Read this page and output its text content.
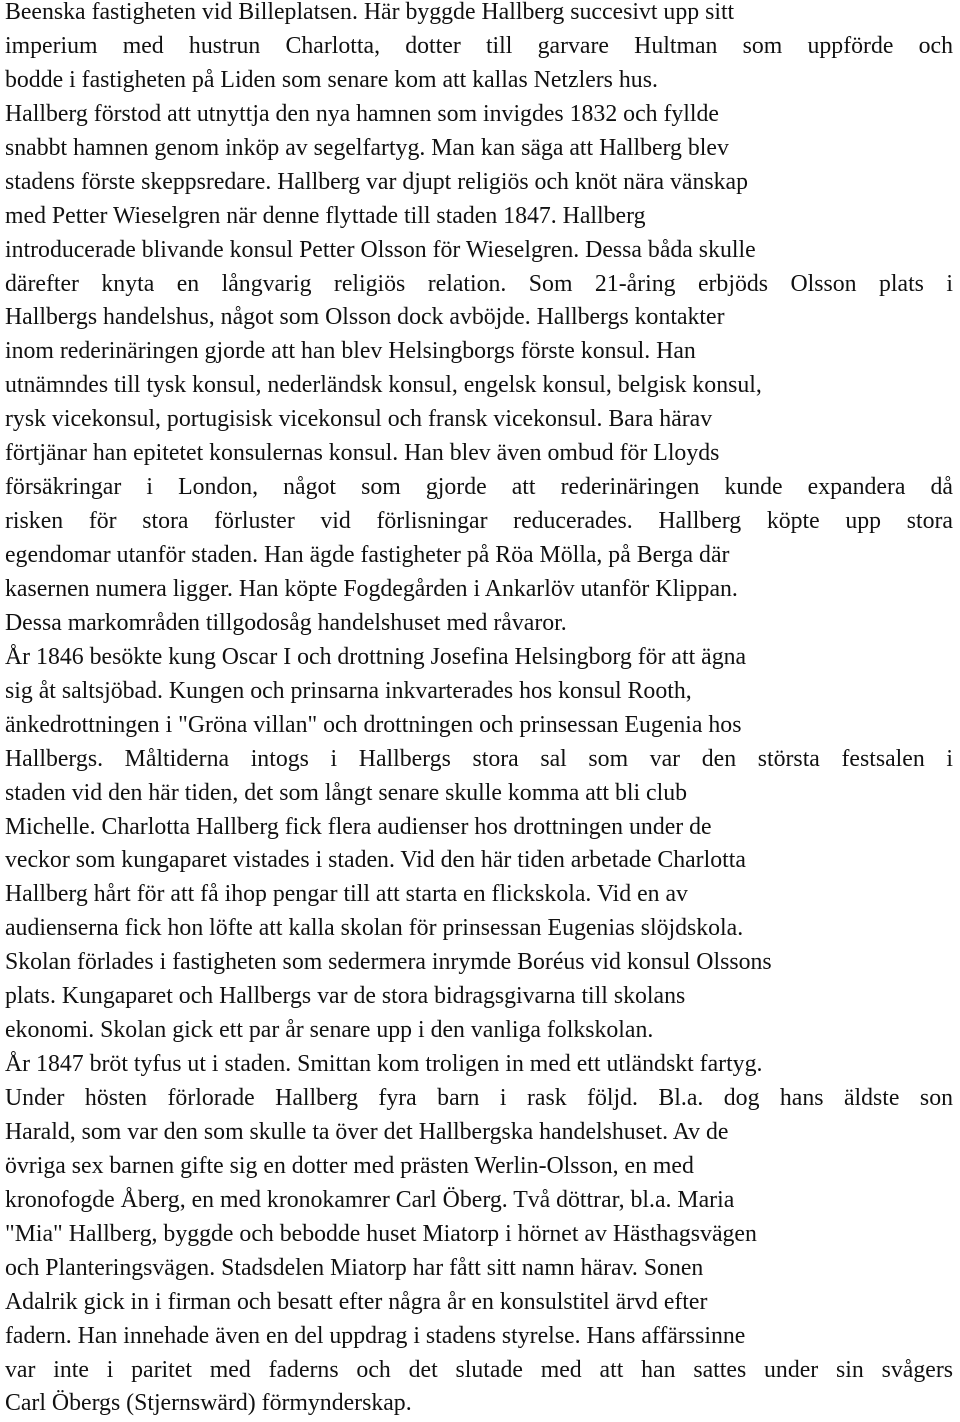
Beenska fastigheten vid Billeplatsen. Här byggde Hallberg succesivt upp sitt
imperium med hustrun Charlotta, dotter till garvare Hultman som uppförde och
bodde i fastigheten på Liden som senare kom att kallas Netzlers hus.
Hallberg förstod att utnyttja den nya hamnen som invigdes 1832 och fyllde
snabbt hamnen genom inköp av segelfartyg. Man kan säga att Hallberg blev
stadens förste skeppsredare. Hallberg var djupt religiös och knöt nära vänskap
med Petter Wieselgren när denne flyttade till staden 1847. Hallberg
introducerade blivande konsul Petter Olsson för Wieselgren. Dessa båda skulle
därefter knyta en långvarig religiös relation. Som 21-åring erbjöds Olsson plats i
Hallbergs handelshus, något som Olsson dock avböjde. Hallbergs kontakter
inom rederinäringen gjorde att han blev Helsingborgs förste konsul. Han
utnämndes till tysk konsul, nederländsk konsul, engelsk konsul, belgisk konsul,
rysk vicekonsul, portugisisk vicekonsul och fransk vicekonsul. Bara härav
förtjänar han epitetet konsulernas konsul. Han blev även ombud för Lloyds
försäkringar i London, något som gjorde att rederinäringen kunde expandera då
risken för stora förluster vid förlisningar reducerades. Hallberg köpte upp stora
egendomar utanför staden. Han ägde fastigheter på Röa Mölla, på Berga där
kasernen numera ligger. Han köpte Fogdegården i Ankarlöv utanför Klippan.
Dessa markområden tillgodosåg handelshuset med råvaror.
År 1846 besökte kung Oscar I och drottning Josefina Helsingborg för att ägna
sig åt saltsjöbad. Kungen och prinsarna inkvarterades hos konsul Rooth,
änkedrottningen i "Gröna villan" och drottningen och prinsessan Eugenia hos
Hallbergs. Måltiderna intogs i Hallbergs stora sal som var den största festsalen i
staden vid den här tiden, det som långt senare skulle komma att bli club
Michelle. Charlotta Hallberg fick flera audienser hos drottningen under de
veckor som kungaparet vistades i staden. Vid den här tiden arbetade Charlotta
Hallberg hårt för att få ihop pengar till att starta en flickskola. Vid en av
audienserna fick hon löfte att kalla skolan för prinsessan Eugenias slöjdskola.
Skolan förlades i fastigheten som sedermera inrymde Boréus vid konsul Olssons
plats. Kungaparet och Hallbergs var de stora bidragsgivarna till skolans
ekonomi. Skolan gick ett par år senare upp i den vanliga folkskolan.
År 1847 bröt tyfus ut i staden. Smittan kom troligen in med ett utländskt fartyg.
Under hösten förlorade Hallberg fyra barn i rask följd. Bl.a. dog hans äldste son
Harald, som var den som skulle ta över det Hallbergska handelshuset. Av de
övriga sex barnen gifte sig en dotter med prästen Werlin-Olsson, en med
kronofogde Åberg, en med kronokamrer Carl Öberg. Två döttrar, bl.a. Maria
"Mia" Hallberg, byggde och bebodde huset Miatorp i hörnet av Hästhagsvägen
och Planteringsvägen. Stadsdelen Miatorp har fått sitt namn härav. Sonen
Adalrik gick in i firman och besatt efter några år en konsulstitel ärvd efter
fadern. Han innehade även en del uppdrag i stadens styrelse. Hans affärssinne
var inte i paritet med faderns och det slutade med att han sattes under sin svågers
Carl Öbergs (Stjernswärd) förmynderskap.
